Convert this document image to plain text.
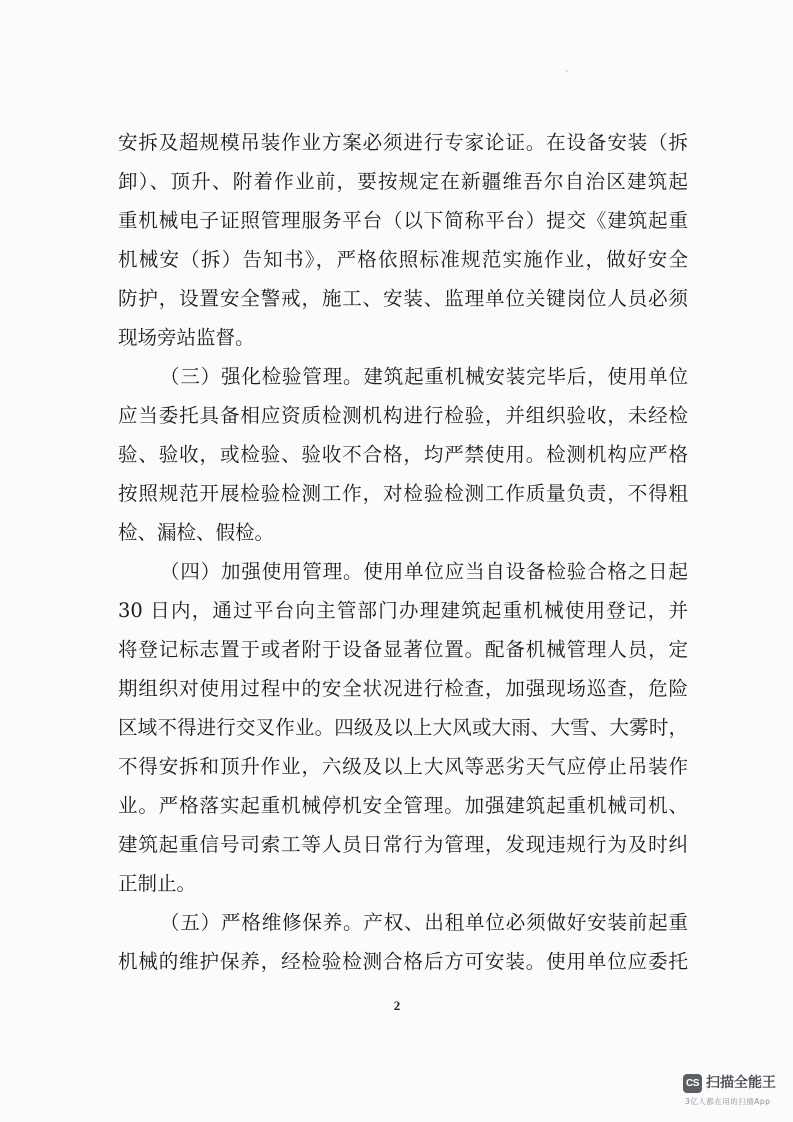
安拆及超规模吊装作业方案必须进行专家论证。在设备安装（拆
卸）、顶升、附着作业前，要按规定在新疆维吾尔自治区建筑起
重机械电子证照管理服务平台（以下简称平台）提交《建筑起重
机械安（拆）告知书》，严格依照标准规范实施作业，做好安全
防护，设置安全警戒，施工、安装、监理单位关键岗位人员必须
现场旁站监督。
（三）强化检验管理。建筑起重机械安装完毕后，使用单位
应当委托具备相应资质检测机构进行检验，并组织验收，未经检
验、验收，或检验、验收不合格，均严禁使用。检测机构应严格
按照规范开展检验检测工作，对检验检测工作质量负责，不得粗
检、漏检、假检。
（四）加强使用管理。使用单位应当自设备检验合格之日起
30 日内，通过平台向主管部门办理建筑起重机械使用登记，并
将登记标志置于或者附于设备显著位置。配备机械管理人员，定
期组织对使用过程中的安全状况进行检查，加强现场巡查，危险
区域不得进行交叉作业。四级及以上大风或大雨、大雪、大雾时，
不得安拆和顶升作业，六级及以上大风等恶劣天气应停止吊装作
业。严格落实起重机械停机安全管理。加强建筑起重机械司机、
建筑起重信号司索工等人员日常行为管理，发现违规行为及时纠
正制止。
（五）严格维修保养。产权、出租单位必须做好安装前起重
机械的维护保养，经检验检测合格后方可安装。使用单位应委托
2
CS 扫描全能王
3亿人都在用的扫描App
